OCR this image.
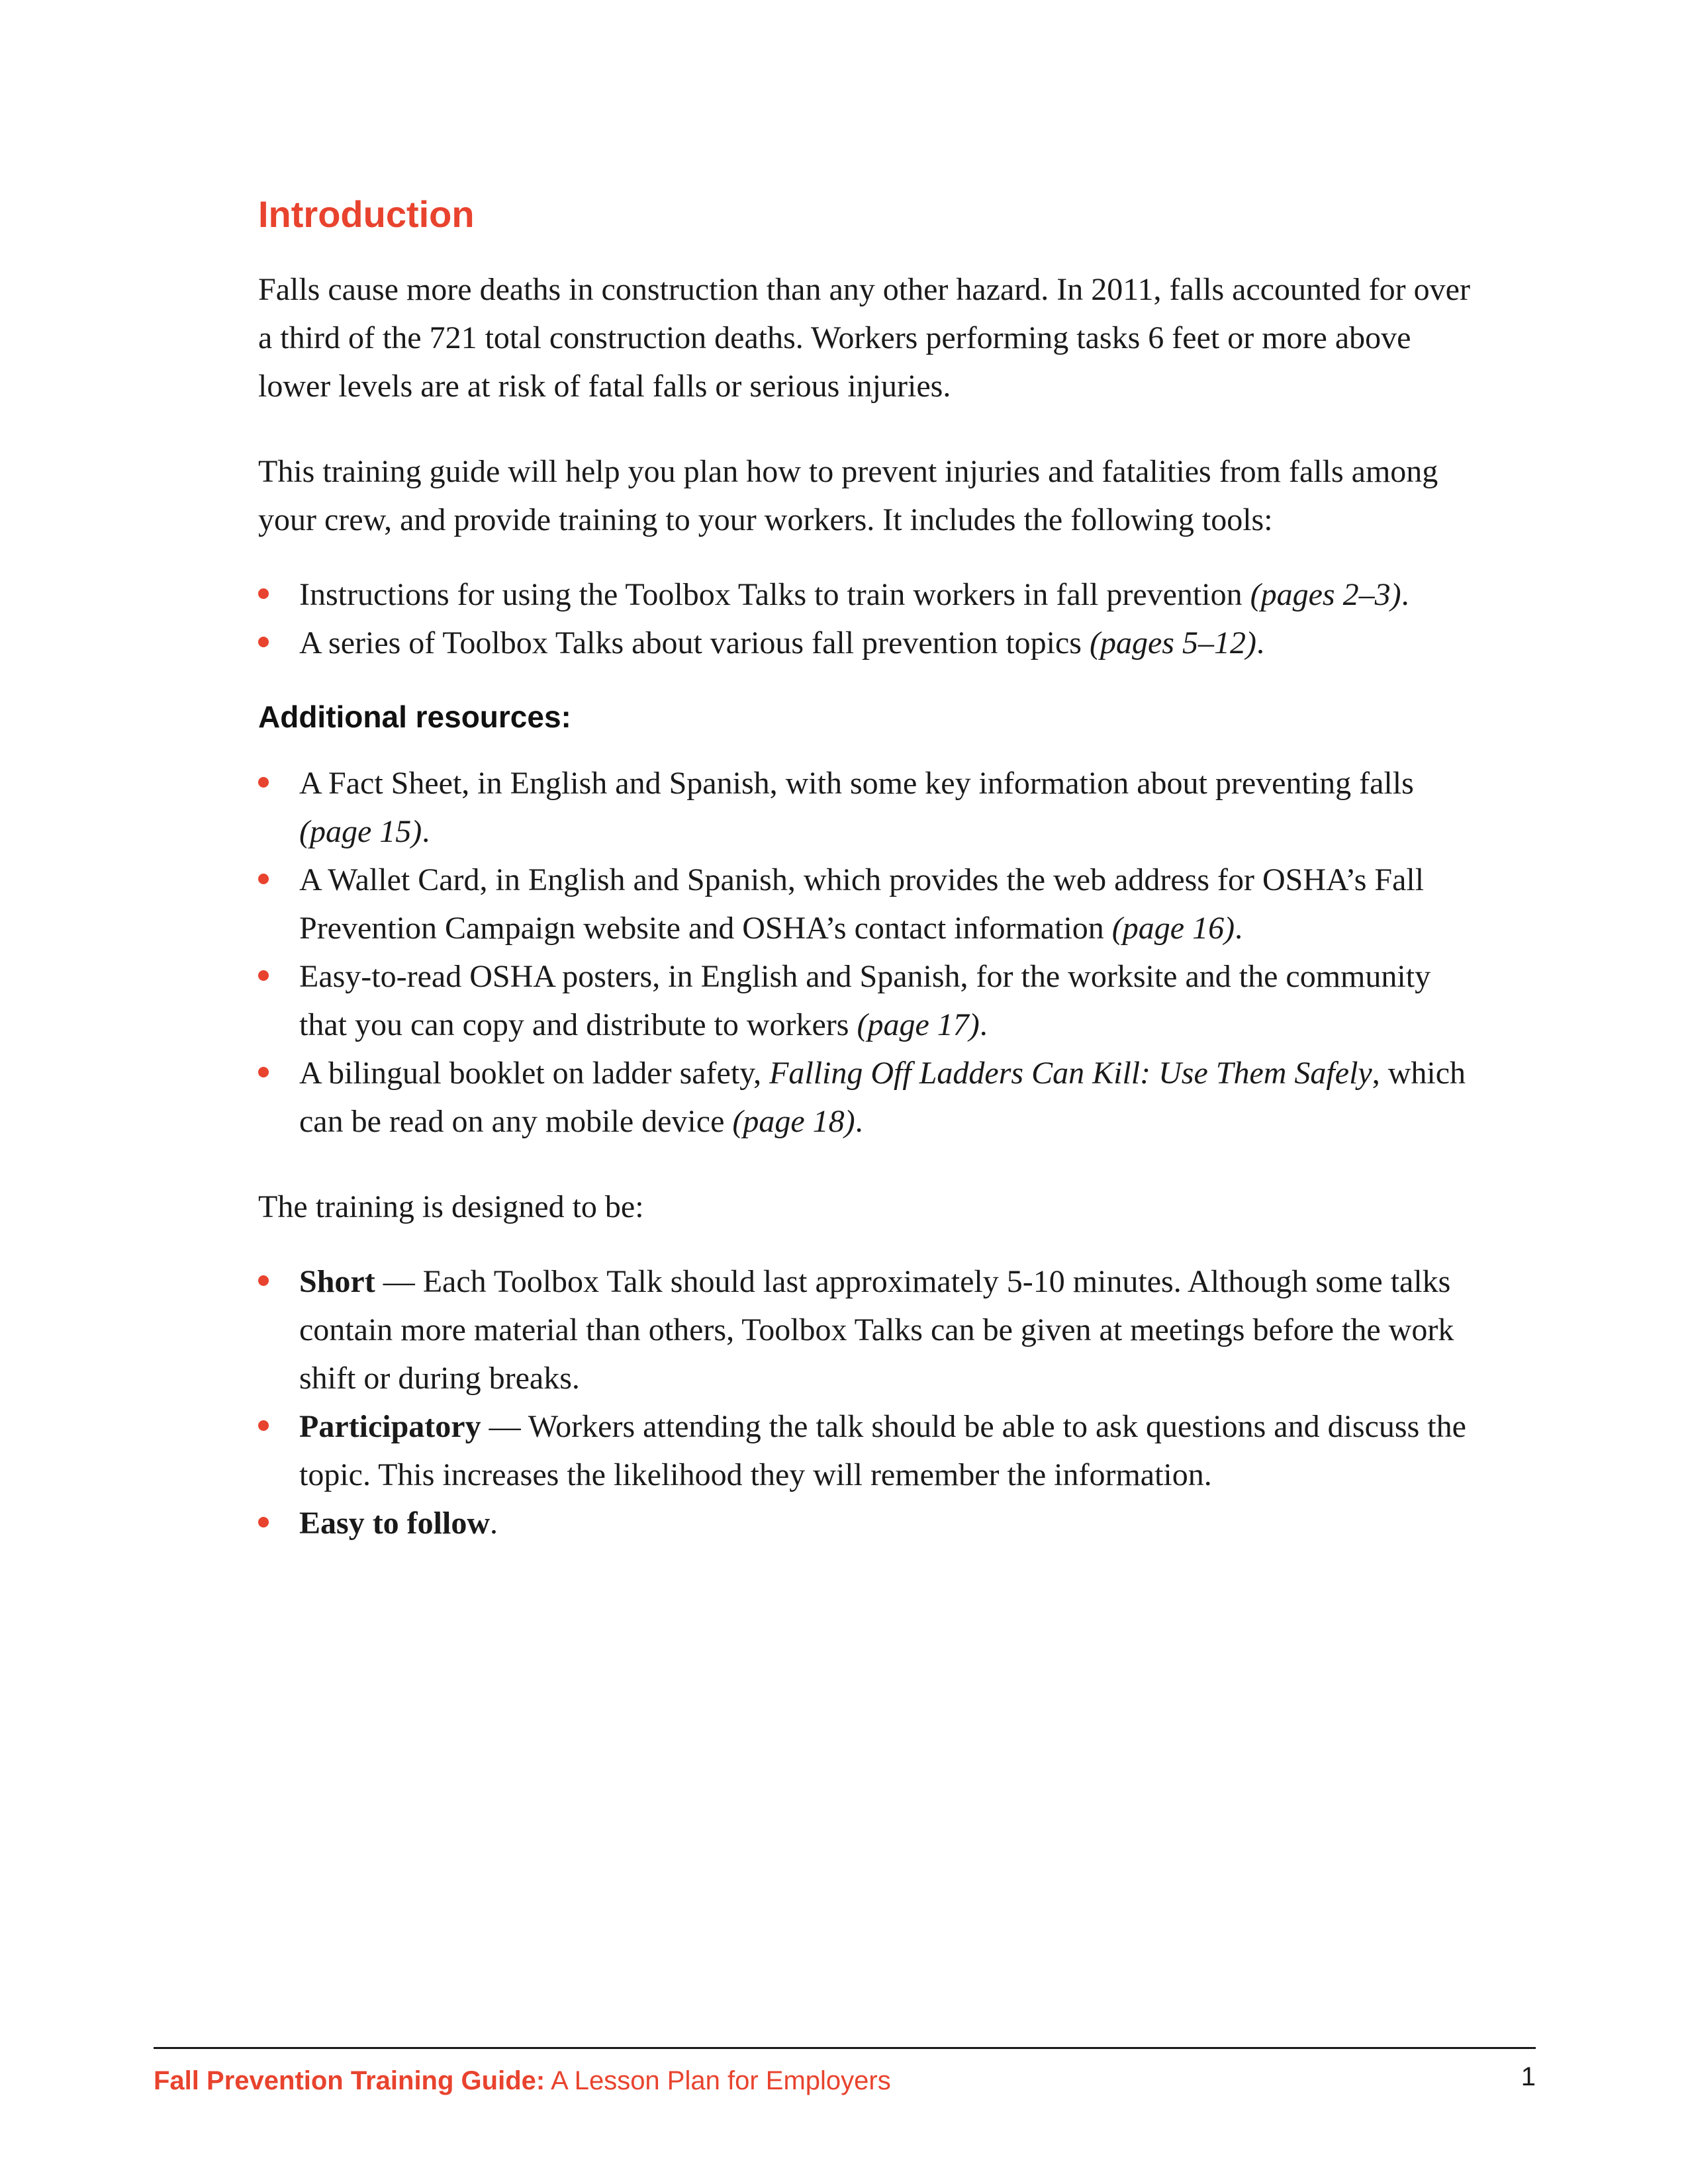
Introduction

Falls cause more deaths in construction than any other hazard. In 2011, falls accounted for over a third of the 721 total construction deaths. Workers performing tasks 6 feet or more above lower levels are at risk of fatal falls or serious injuries.

This training guide will help you plan how to prevent injuries and fatalities from falls among your crew, and provide training to your workers. It includes the following tools:

Instructions for using the Toolbox Talks to train workers in fall prevention (pages 2–3).
A series of Toolbox Talks about various fall prevention topics (pages 5–12).
Additional resources:
A Fact Sheet, in English and Spanish, with some key information about preventing falls (page 15).
A Wallet Card, in English and Spanish, which provides the web address for OSHA’s Fall Prevention Campaign website and OSHA’s contact information (page 16).
Easy-to-read OSHA posters, in English and Spanish, for the worksite and the community that you can copy and distribute to workers (page 17).
A bilingual booklet on ladder safety, Falling Off Ladders Can Kill: Use Them Safely, which can be read on any mobile device (page 18).

The training is designed to be:

Short — Each Toolbox Talk should last approximately 5-10 minutes. Although some talks contain more material than others, Toolbox Talks can be given at meetings before the work shift or during breaks.
Participatory — Workers attending the talk should be able to ask questions and discuss the topic. This increases the likelihood they will remember the information.
Easy to follow.
Fall Prevention Training Guide: A Lesson Plan for Employers	1
